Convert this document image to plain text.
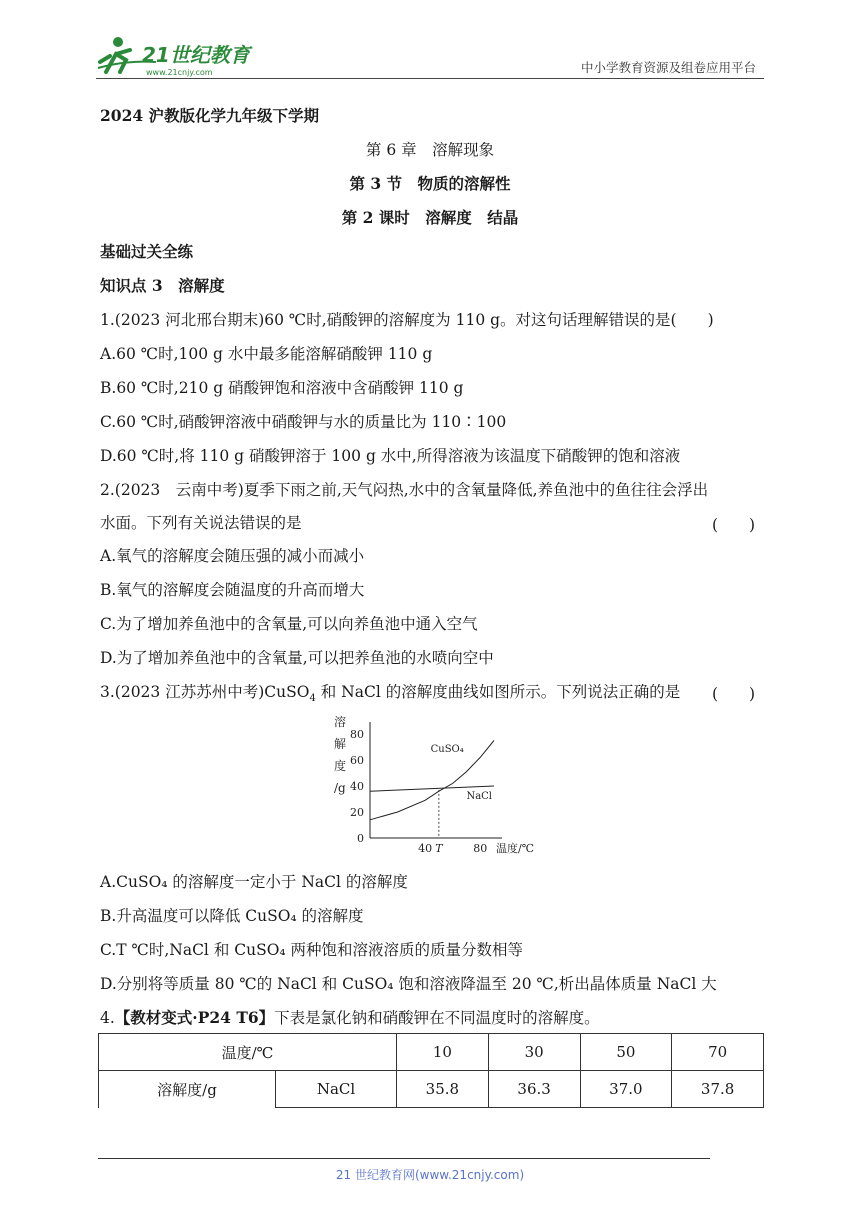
21世纪教育
www.21cnjy.com	中小学教育资源及组卷应用平台
2024 沪教版化学九年级下学期
第 6 章　溶解现象
第 3 节　物质的溶解性
第 2 课时　溶解度　结晶
基础过关全练
知识点 3　溶解度
1.(2023 河北邢台期末)60 ℃时,硝酸钾的溶解度为 110 g。对这句话理解错误的是(　　)
A.60 ℃时,100 g 水中最多能溶解硝酸钾 110 g
B.60 ℃时,210 g 硝酸钾饱和溶液中含硝酸钾 110 g
C.60 ℃时,硝酸钾溶液中硝酸钾与水的质量比为 110∶100
D.60 ℃时,将 110 g 硝酸钾溶于 100 g 水中,所得溶液为该温度下硝酸钾的饱和溶液
2.(2023　云南中考)夏季下雨之前,天气闷热,水中的含氧量降低,养鱼池中的鱼往往会浮出
水面。下列有关说法错误的是	(　　)
A.氧气的溶解度会随压强的减小而减小
B.氧气的溶解度会随温度的升高而增大
C.为了增加养鱼池中的含氧量,可以向养鱼池中通入空气
D.为了增加养鱼池中的含氧量,可以把养鱼池的水喷向空中
3.(2023 江苏苏州中考)CuSO$_4$ 和 NaCl 的溶解度曲线如图所示。下列说法正确的是 (　　)
0
20
40
60
80
溶
解
度
/g
40 T	80 温度/℃
CuSO₄
NaCl
A.CuSO₄ 的溶解度一定小于 NaCl 的溶解度
B.升高温度可以降低 CuSO₄ 的溶解度
C.T ℃时,NaCl 和 CuSO₄ 两种饱和溶液溶质的质量分数相等
D.分别将等质量 80 ℃的 NaCl 和 CuSO₄ 饱和溶液降温至 20 ℃,析出晶体质量 NaCl 大
4.【教材变式·P24 T6】下表是氯化钠和硝酸钾在不同温度时的溶解度。
温度/℃		10	30	50	70
溶解度/g	NaCl	35.8	36.3	37.0	37.8
21 世纪教育网(www.21cnjy.com)
